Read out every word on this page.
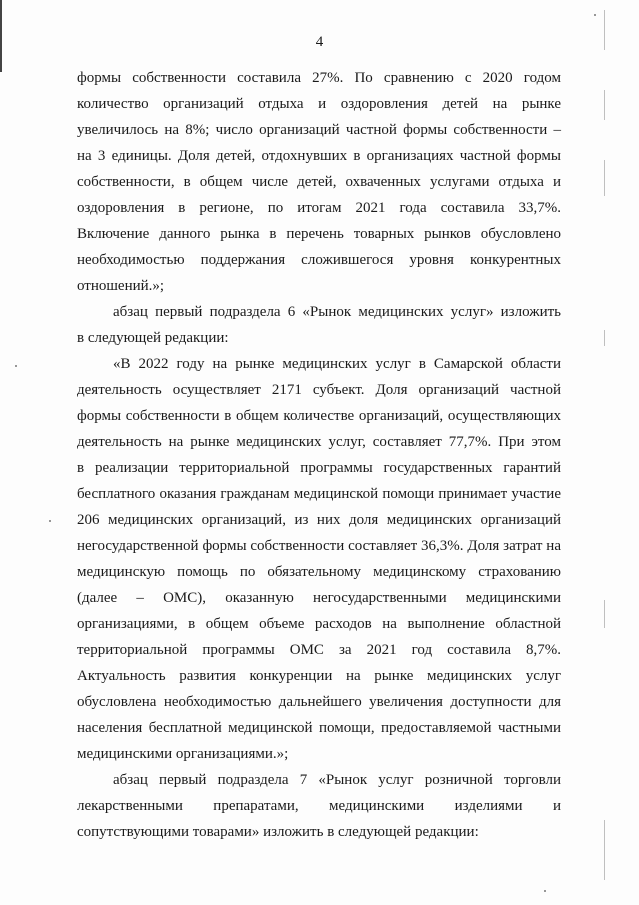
4
формы собственности составила 27%. По сравнению с 2020 годом
количество организаций отдыха и оздоровления детей на рынке
увеличилось на 8%; число организаций частной формы собственности –
на 3 единицы. Доля детей, отдохнувших в организациях частной формы
собственности, в общем числе детей, охваченных услугами отдыха и
оздоровления в регионе, по итогам 2021 года составила 33,7%.
Включение данного рынка в перечень товарных рынков обусловлено
необходимостью поддержания сложившегося уровня конкурентных
отношений.»;
абзац первый подраздела 6 «Рынок медицинских услуг» изложить
в следующей редакции:
«В 2022 году на рынке медицинских услуг в Самарской области
деятельность осуществляет 2171 субъект. Доля организаций частной
формы собственности в общем количестве организаций, осуществляющих
деятельность на рынке медицинских услуг, составляет 77,7%. При этом
в реализации территориальной программы государственных гарантий
бесплатного оказания гражданам медицинской помощи принимает участие
206 медицинских организаций, из них доля медицинских организаций
негосударственной формы собственности составляет 36,3%. Доля затрат на
медицинскую помощь по обязательному медицинскому страхованию
(далее – ОМС), оказанную негосударственными медицинскими
организациями, в общем объеме расходов на выполнение областной
территориальной программы ОМС за 2021 год составила 8,7%.
Актуальность развития конкуренции на рынке медицинских услуг
обусловлена необходимостью дальнейшего увеличения доступности для
населения бесплатной медицинской помощи, предоставляемой частными
медицинскими организациями.»;
абзац первый подраздела 7 «Рынок услуг розничной торговли
лекарственными препаратами, медицинскими изделиями и
сопутствующими товарами» изложить в следующей редакции:
